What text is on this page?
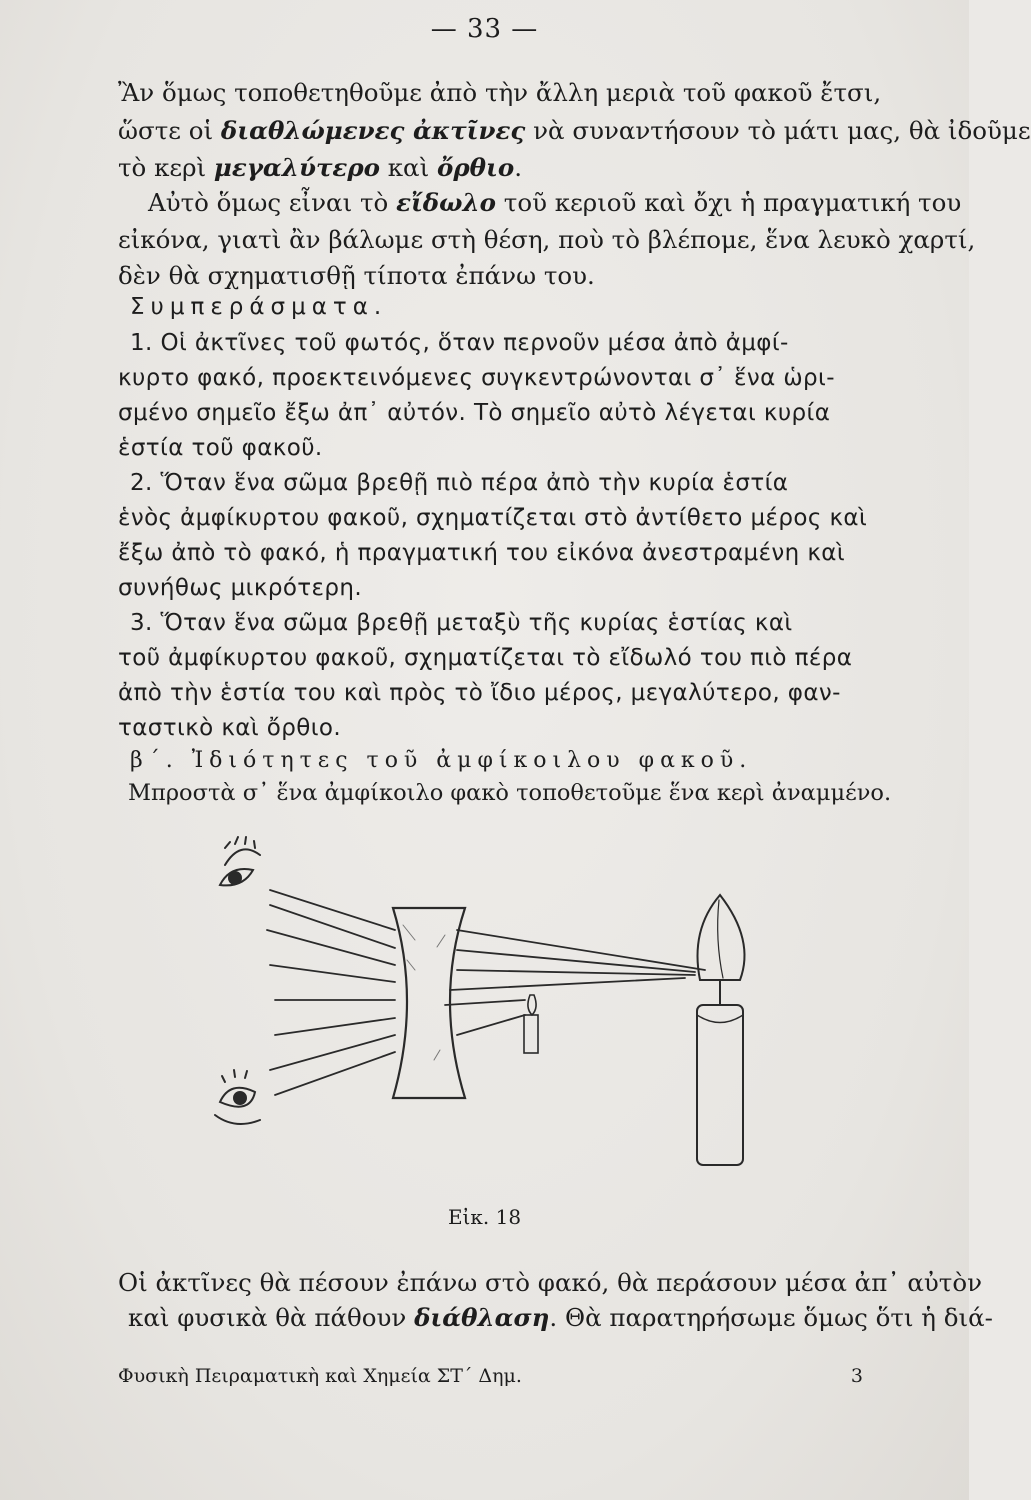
— 33 —
Ἂν ὅμως τοποθετηθοῦμε ἀπὸ τὴν ἄλλη μεριὰ τοῦ φακοῦ ἔτσι,
ὥστε οἱ διαθλώμενες ἀκτῖνες νὰ συναντήσουν τὸ μάτι μας, θὰ ἰδοῦμε
τὸ κερὶ μεγαλύτερο καὶ ὄρθιο.
Αὐτὸ ὅμως εἶναι τὸ εἴδωλο τοῦ κεριοῦ καὶ ὄχι ἡ πραγματική του
εἰκόνα, γιατὶ ἂν βάλωμε στὴ θέση, ποὺ τὸ βλέπομε, ἕνα λευκὸ χαρτί,
δὲν θὰ σχηματισθῇ τίποτα ἐπάνω του.
Συμπεράσματα.
1. Οἱ ἀκτῖνες τοῦ φωτός, ὅταν περνοῦν μέσα ἀπὸ ἀμφί-
κυρτο φακό, προεκτεινόμενες συγκεντρώνονται σ᾽ ἕνα ὡρι-
σμένο σημεῖο ἔξω ἀπ᾽ αὐτόν. Τὸ σημεῖο αὐτὸ λέγεται κυρία
ἑστία τοῦ φακοῦ.
2. Ὅταν ἕνα σῶμα βρεθῇ πιὸ πέρα ἀπὸ τὴν κυρία ἑστία
ἑνὸς ἀμφίκυρτου φακοῦ, σχηματίζεται στὸ ἀντίθετο μέρος καὶ
ἔξω ἀπὸ τὸ φακό, ἡ πραγματική του εἰκόνα ἀνεστραμένη καὶ
συνήθως μικρότερη.
3. Ὅταν ἕνα σῶμα βρεθῇ μεταξὺ τῆς κυρίας ἑστίας καὶ
τοῦ ἀμφίκυρτου φακοῦ, σχηματίζεται τὸ εἴδωλό του πιὸ πέρα
ἀπὸ τὴν ἑστία του καὶ πρὸς τὸ ἴδιο μέρος, μεγαλύτερο, φαν-
ταστικὸ καὶ ὄρθιο.
β΄. Ἰδιότητες τοῦ ἀμφίκοιλου φακοῦ.
Μπροστὰ σ᾽ ἕνα ἀμφίκοιλο φακὸ τοποθετοῦμε ἕνα κερὶ ἀναμμένο.
Εἰκ. 18
Οἱ ἀκτῖνες θὰ πέσουν ἐπάνω στὸ φακό, θὰ περάσουν μέσα ἀπ᾽ αὐτὸν
καὶ φυσικὰ θὰ πάθουν διάθλαση. Θὰ παρατηρήσωμε ὅμως ὅτι ἡ διά-
Φυσικὴ Πειραματικὴ καὶ Χημεία ΣΤ΄ Δημ.	3
